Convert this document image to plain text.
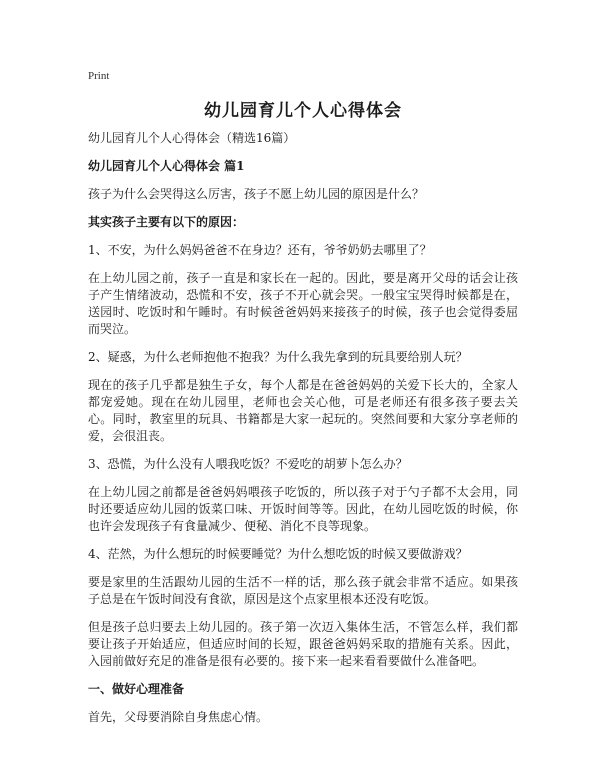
Print
幼儿园育儿个人心得体会

幼儿园育儿个人心得体会（精选16篇）

幼儿园育儿个人心得体会 篇1

孩子为什么会哭得这么厉害，孩子不愿上幼儿园的原因是什么？

其实孩子主要有以下的原因：

1、不安，为什么妈妈爸爸不在身边？还有，爷爷奶奶去哪里了？

在上幼儿园之前，孩子一直是和家长在一起的。因此，要是离开父母的话会让孩子产生情绪波动，恐慌和不安，孩子不开心就会哭。一般宝宝哭得时候都是在，送园时、吃饭时和午睡时。有时候爸爸妈妈来接孩子的时候，孩子也会觉得委屈而哭泣。

2、疑惑，为什么老师抱他不抱我？为什么我先拿到的玩具要给别人玩？

现在的孩子几乎都是独生子女，每个人都是在爸爸妈妈的关爱下长大的，全家人都宠爱她。现在在幼儿园里，老师也会关心他，可是老师还有很多孩子要去关心。同时，教室里的玩具、书籍都是大家一起玩的。突然间要和大家分享老师的爱，会很沮丧。

3、恐慌，为什么没有人喂我吃饭？不爱吃的胡萝卜怎么办？

在上幼儿园之前都是爸爸妈妈喂孩子吃饭的，所以孩子对于勺子都不太会用，同时还要适应幼儿园的饭菜口味、开饭时间等等。因此，在幼儿园吃饭的时候，你也许会发现孩子有食量减少、便秘、消化不良等现象。

4、茫然，为什么想玩的时候要睡觉？为什么想吃饭的时候又要做游戏？

要是家里的生活跟幼儿园的生活不一样的话，那么孩子就会非常不适应。如果孩子总是在午饭时间没有食欲，原因是这个点家里根本还没有吃饭。

但是孩子总归要去上幼儿园的。孩子第一次迈入集体生活，不管怎么样，我们都要让孩子开始适应，但适应时间的长短，跟爸爸妈妈采取的措施有关系。因此，入园前做好充足的准备是很有必要的。接下来一起来看看要做什么准备吧。

一、做好心理准备

首先，父母要消除自身焦虑心情。
